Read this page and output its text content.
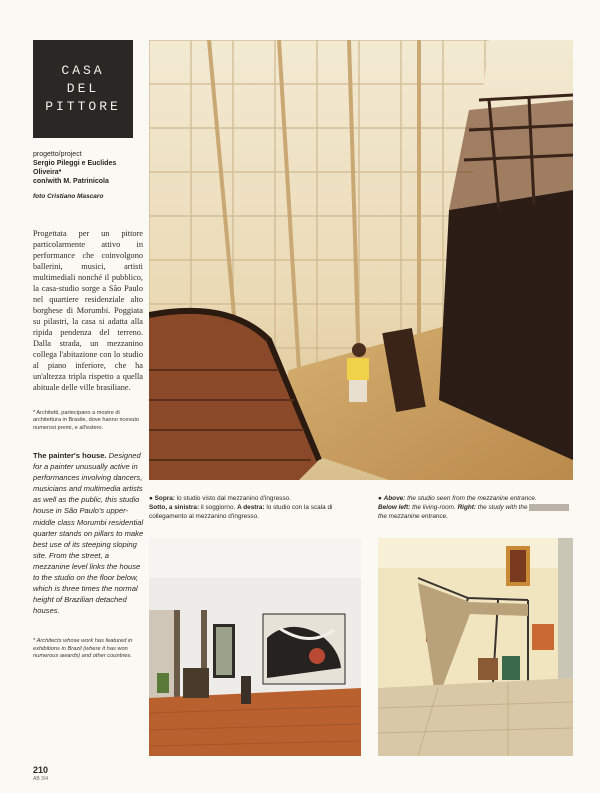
CASA
DEL
PITTORE
progetto/project
Sergio Pileggi e Euclides Oliveira*
con/with M. Patrinicola
foto Cristiano Mascaro
Progettata per un pittore particolarmente attivo in performance che coinvolgono ballerini, musici, artisti multimediali nonché il pubblico, la casa-studio sorge a São Paulo nel quartiere residenziale alto borghese di Morumbi. Poggiata su pilastri, la casa si adatta alla ripida pendenza del terreno. Dalla strada, un mezzanino collega l'abitazione con lo studio al piano inferiore, che ha un'altezza tripla rispetto a quella abituale delle ville brasiliane.
* Architetti, partecipano a mostre di architettura in Brasile, dove hanno ricevuto numerosi premi, e all'estero.
The painter's house. Designed for a painter unusually active in performances involving dancers, musicians and multimedia artists as well as the public, this studio house in São Paulo's upper-middle class Morumbi residential quarter stands on pillars to make best use of its steeping sloping site. From the street, a mezzanine level links the house to the studio on the floor below, which is three times the normal height of Brazilian detached houses.
* Architects whose work has featured in exhibitions in Brazil (where it has won numerous awards) and other countries.
210
AB 3/4
● Sopra: lo studio visto dal mezzanino d'ingresso.
Sotto, a sinistra: il soggiorno. A destra: lo studio con la scala di collegamento al mezzanino d'ingresso.
● Above: the studio seen from the mezzanine entrance.
Below left: the living-room. Right: the study with the
the mezzanine entrance.
